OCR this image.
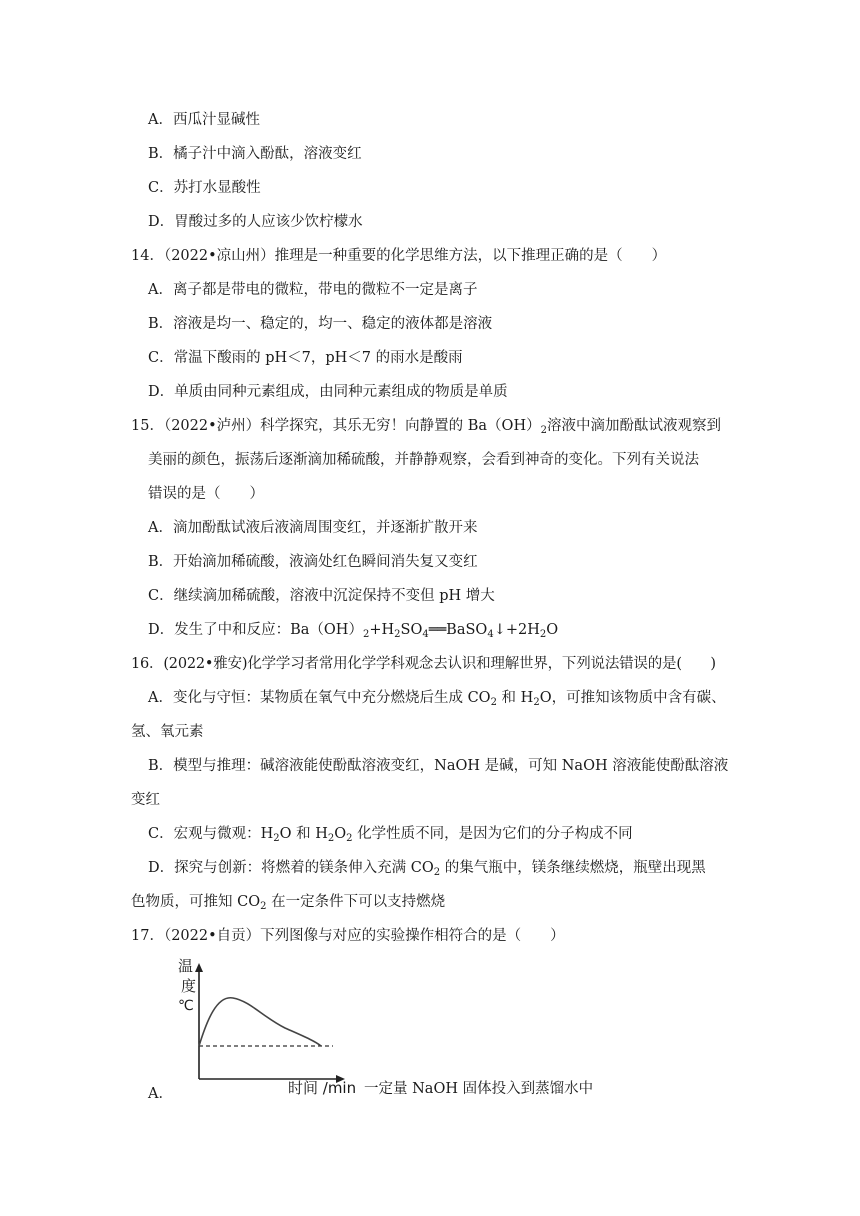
A．西瓜汁显碱性
B．橘子汁中滴入酚酞，溶液变红
C．苏打水显酸性
D．胃酸过多的人应该少饮柠檬水
14．（2022•凉山州）推理是一种重要的化学思维方法，以下推理正确的是（　　）
A．离子都是带电的微粒，带电的微粒不一定是离子
B．溶液是均一、稳定的，均一、稳定的液体都是溶液
C．常温下酸雨的 pH＜7，pH＜7 的雨水是酸雨
D．单质由同种元素组成，由同种元素组成的物质是单质
15．（2022•泸州）科学探究，其乐无穷！向静置的 $Ba(OH)_2$溶液中滴加酚酞试液观察到
美丽的颜色，振荡后逐渐滴加稀硫酸，并静静观察，会看到神奇的变化。下列有关说法
错误的是（　　）
A．滴加酚酞试液后液滴周围变红，并逐渐扩散开来
B．开始滴加稀硫酸，液滴处红色瞬间消失复又变红
C．继续滴加稀硫酸，溶液中沉淀保持不变但 pH 增大
D．发生了中和反应：$Ba(OH)_2+H_2SO_4══BaSO_4↓+2H_2O$
16．(2022•雅安)化学学习者常用化学学科观念去认识和理解世界，下列说法错误的是(　　)
A．变化与守恒：某物质在氧气中充分燃烧后生成 $CO_2$ 和 $H_2O$，可推知该物质中含有碳、
氢、氧元素
B．模型与推理：碱溶液能使酚酞溶液变红，NaOH 是碱，可知 NaOH 溶液能使酚酞溶液
变红
C．宏观与微观：$H_2O$ 和 $H_2O_2$ 化学性质不同，是因为它们的分子构成不同
D．探究与创新：将燃着的镁条伸入充满 $CO_2$ 的集气瓶中，镁条继续燃烧，瓶壁出现黑
色物质，可推知 $CO_2$ 在一定条件下可以支持燃烧
17．（2022•自贡）下列图像与对应的实验操作相符合的是（　　）
温
度
℃
A．	时间 /min 一定量 NaOH 固体投入到蒸馏水中
